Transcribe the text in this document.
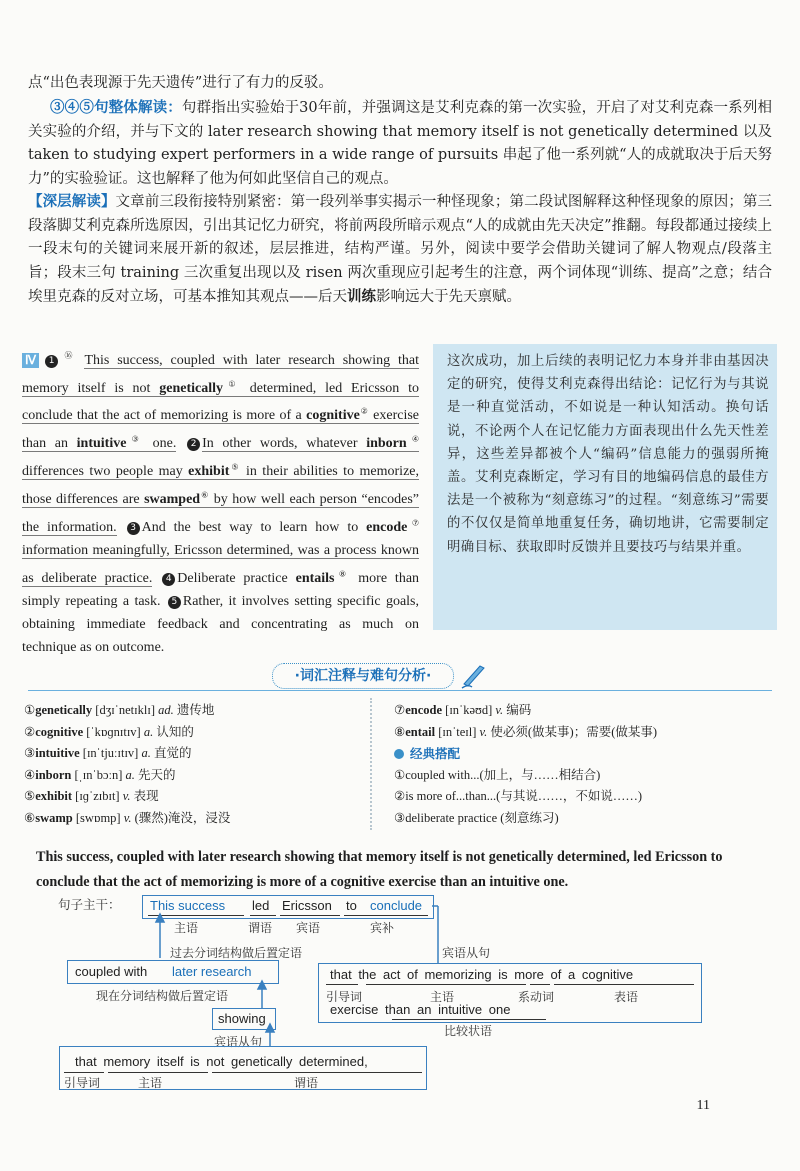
点“出色表现源于先天遗传”进行了有力的反驳。
③④⑤句整体解读：句群指出实验始于30年前，并强调这是艾利克森的第一次实验，开启了对艾利克森一系列相关实验的介绍，并与下文的 later research showing that memory itself is not genetically determined 以及 taken to studying expert performers in a wide range of pursuits 串起了他一系列就“人的成就取决于后天努力”的实验验证。这也解释了他为何如此坚信自己的观点。
【深层解读】文章前三段衔接特别紧密：第一段列举事实揭示一种怪现象；第二段试图解释这种怪现象的原因；第三段落脚艾利克森所选原因，引出其记忆力研究，将前两段所暗示观点“人的成就由先天决定”推翻。每段都通过接续上一段末句的关键词来展开新的叙述，层层推进，结构严谨。另外，阅读中要学会借助关键词了解人物观点/段落主旨；段末三句 training 三次重复出现以及 risen 两次重现应引起考生的注意，两个词体现“训练、提高”之意；结合埃里克森的反对立场，可基本推知其观点——后天训练影响远大于先天禀赋。
Ⅳ 1⑯ This success, coupled with later research showing that memory itself is not genetically① determined, led Ericsson to conclude that the act of memorizing is more of a cognitive② exercise than an intuitive③ one. 2 In other words, whatever inborn④ differences two people may exhibit⑤ in their abilities to memorize, those differences are swamped⑥ by how well each person “encodes” the information. 3 And the best way to learn how to encode⑦ information meaningfully, Ericsson determined, was a process known as deliberate practice. 4 Deliberate practice entails⑧ more than simply repeating a task. 5 Rather, it involves setting specific goals, obtaining immediate feedback and concentrating as much on technique as on outcome.
这次成功，加上后续的表明记忆力本身并非由基因决定的研究，使得艾利克森得出结论：记忆行为与其说是一种直觉活动，不如说是一种认知活动。换句话说，不论两个人在记忆能力方面表现出什么先天性差异，这些差异都被个人“编码”信息能力的强弱所掩盖。艾利克森断定，学习有目的地编码信息的最佳方法是一个被称为“刻意练习”的过程。“刻意练习”需要的不仅仅是简单地重复任务，确切地讲，它需要制定明确目标、获取即时反馈并且要技巧与结果并重。
·词汇注释与难句分析·
①genetically [dʒɪˈnetɪklɪ] ad. 遗传地
②cognitive [ˈkɒɡnɪtɪv] a. 认知的
③intuitive [ɪnˈtjuːɪtɪv] a. 直觉的
④inborn [ˌɪnˈbɔːn] a. 先天的
⑤exhibit [ɪɡˈzɪbɪt] v. 表现
⑥swamp [swɒmp] v. (骤然)淹没，浸没
⑦encode [ɪnˈkəʊd] v. 编码
⑧entail [ɪnˈteɪl] v. 使必须(做某事)；需要(做某事)
经典搭配
①coupled with...(加上，与……相结合)
②is more of...than...(与其说……，不如说……)
③deliberate practice (刻意练习)
This success, coupled with later research showing that memory itself is not genetically determined, led Ericsson to conclude that the act of memorizing is more of a cognitive exercise than an intuitive one.
句子主干： This success led Ericsson to conclude
主语	谓语 宾语	宾补
过去分词结构做后置定语	宾语从句
coupled with later research
现在分词结构做后置定语
that the act of memorizing is more of a cognitive
引导词	主语	系动词	表语
exercise than an intuitive one
比较状语
showing
宾语从句
that memory itself is not genetically determined,
引导词	主语	谓语
11
